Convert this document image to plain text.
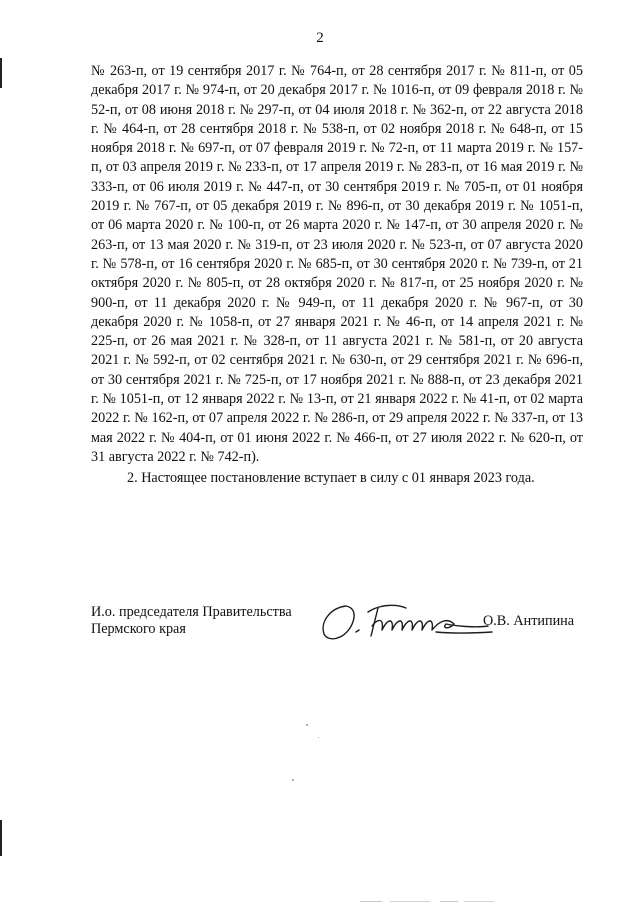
2

№ 263-п, от 19 сентября 2017 г. № 764-п, от 28 сентября 2017 г. № 811-п, от 05 декабря 2017 г. № 974-п, от 20 декабря 2017 г. № 1016-п, от 09 февраля 2018 г. № 52-п, от 08 июня 2018 г. № 297-п, от 04 июля 2018 г. № 362-п, от 22 августа 2018 г. № 464-п, от 28 сентября 2018 г. № 538-п, от 02 ноября 2018 г. № 648-п, от 15 ноября 2018 г. № 697-п, от 07 февраля 2019 г. № 72-п, от 11 марта 2019 г. № 157-п, от 03 апреля 2019 г. № 233-п, от 17 апреля 2019 г. № 283-п, от 16 мая 2019 г. № 333-п, от 06 июля 2019 г. № 447-п, от 30 сентября 2019 г. № 705-п, от 01 ноября 2019 г. № 767-п, от 05 декабря 2019 г. № 896-п, от 30 декабря 2019 г. № 1051-п, от 06 марта 2020 г. № 100-п, от 26 марта 2020 г. № 147-п, от 30 апреля 2020 г. № 263-п, от 13 мая 2020 г. № 319-п, от 23 июля 2020 г. № 523-п, от 07 августа 2020 г. № 578-п, от 16 сентября 2020 г. № 685-п, от 30 сентября 2020 г. № 739-п, от 21 октября 2020 г. № 805-п, от 28 октября 2020 г. № 817-п, от 25 ноября 2020 г. № 900-п, от 11 декабря 2020 г. № 949-п, от 11 декабря 2020 г. № 967-п, от 30 декабря 2020 г. № 1058-п, от 27 января 2021 г. № 46-п, от 14 апреля 2021 г. № 225-п, от 26 мая 2021 г. № 328-п, от 11 августа 2021 г. № 581-п, от 20 августа 2021 г. № 592-п, от 02 сентября 2021 г. № 630-п, от 29 сентября 2021 г. № 696-п, от 30 сентября 2021 г. № 725-п, от 17 ноября 2021 г. № 888-п, от 23 декабря 2021 г. № 1051-п, от 12 января 2022 г. № 13-п, от 21 января 2022 г. № 41-п, от 02 марта 2022 г. № 162-п, от 07 апреля 2022 г. № 286-п, от 29 апреля 2022 г. № 337-п, от 13 мая 2022 г. № 404-п, от 01 июня 2022 г. № 466-п, от 27 июля 2022 г. № 620-п, от 31 августа 2022 г. № 742-п).

2. Настоящее постановление вступает в силу с 01 января 2023 года.

И.о. председателя Правительства
Пермского края	О.В. Антипина
